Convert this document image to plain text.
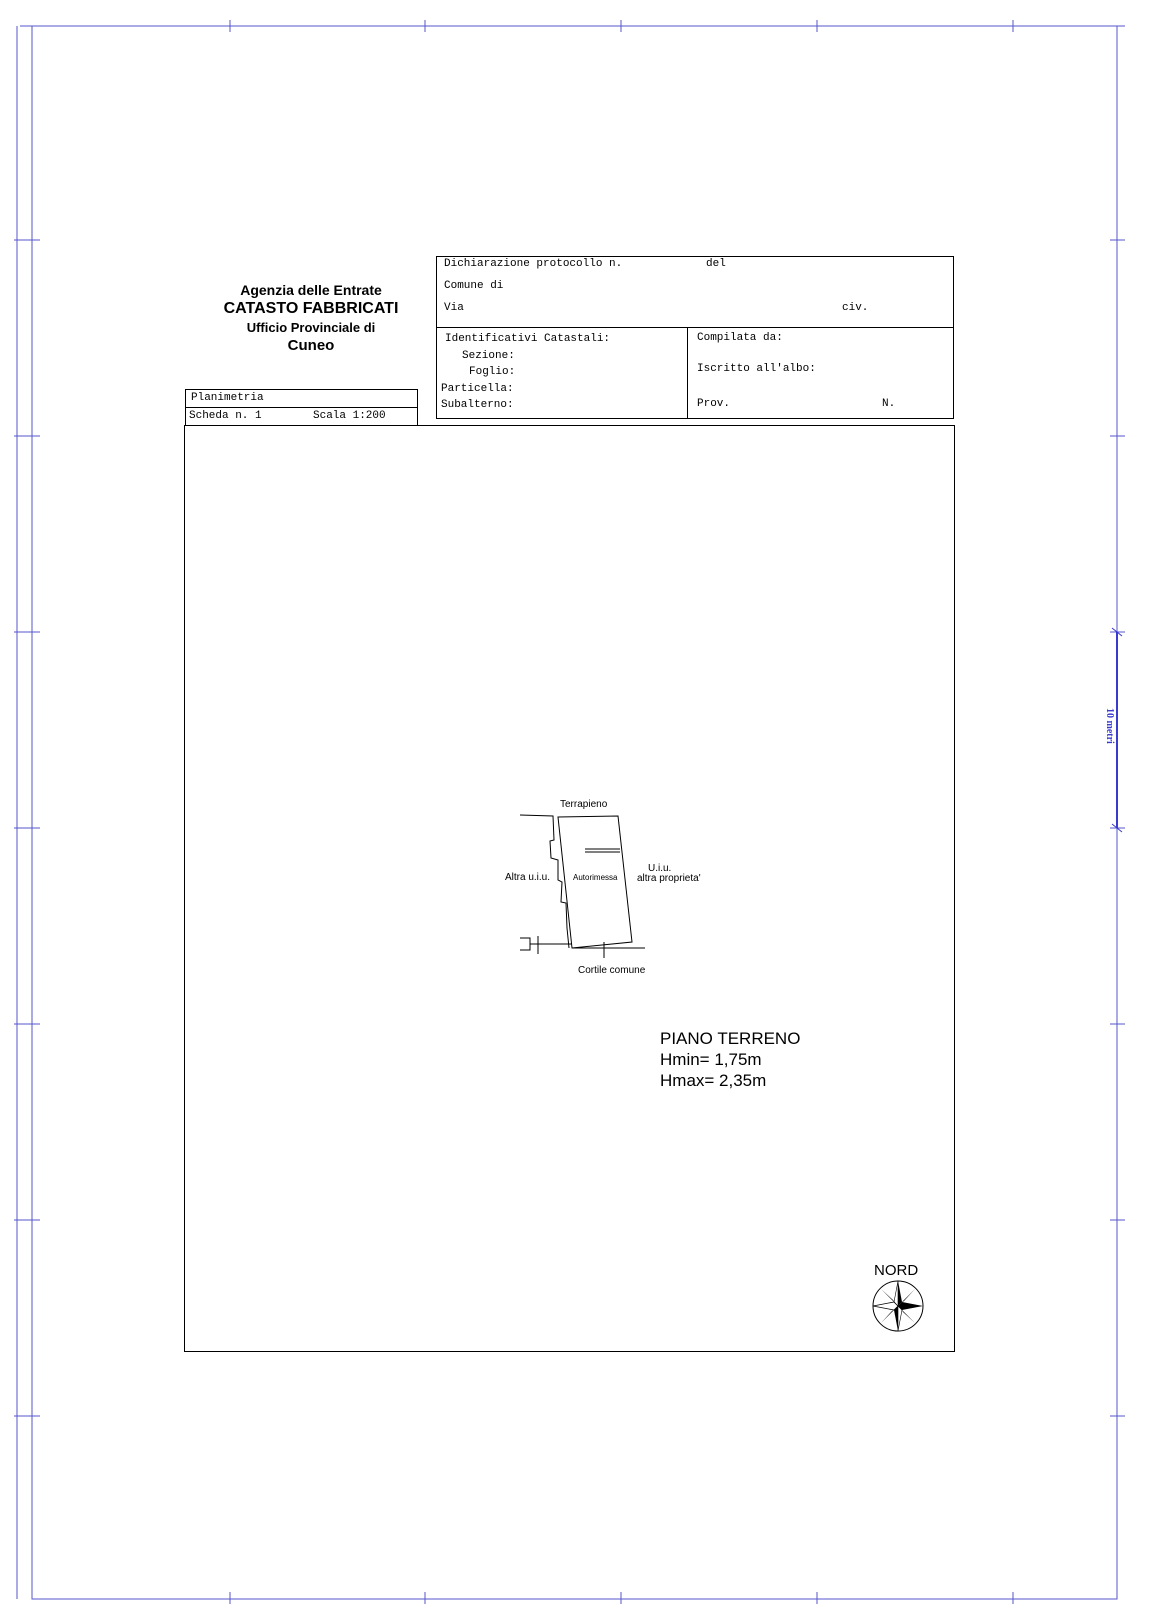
10 metri
Agenzia delle Entrate
CATASTO FABBRICATI
Ufficio Provinciale di
Cuneo
Dichiarazione protocollo n.	del
Comune di
Via	civ.
Identificativi Catastali:
Sezione:
Foglio:
Particella:
Subalterno:
Compilata da:
Iscritto all'albo:
Prov.	N.
Planimetria
Scheda n. 1	Scala 1:200
Terrapieno
Altra u.i.u.	Autorimessa
U.i.u.
altra proprieta'
Cortile comune
PIANO TERRENO
Hmin= 1,75m
Hmax= 2,35m
NORD
